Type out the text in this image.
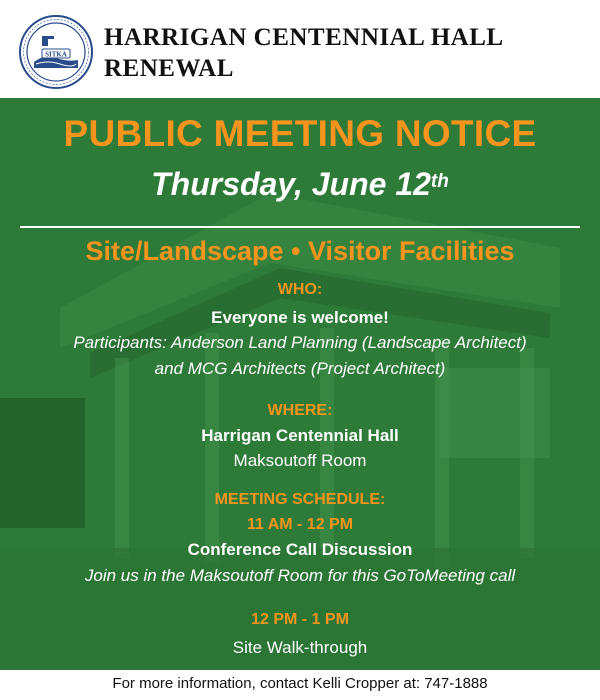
SITKA
HARRIGAN CENTENNIAL HALL
RENEWAL
PUBLIC MEETING NOTICE
Thursday, June 12th
Site/Landscape • Visitor Facilities
WHO:
Everyone is welcome!
Participants: Anderson Land Planning (Landscape Architect)
and MCG Architects (Project Architect)
WHERE:
Harrigan Centennial Hall
Maksoutoff Room
MEETING SCHEDULE:
11 AM - 12 PM
Conference Call Discussion
Join us in the Maksoutoff Room for this GoToMeeting call
12 PM - 1 PM
Site Walk-through
For more information, contact Kelli Cropper at: 747-1888
